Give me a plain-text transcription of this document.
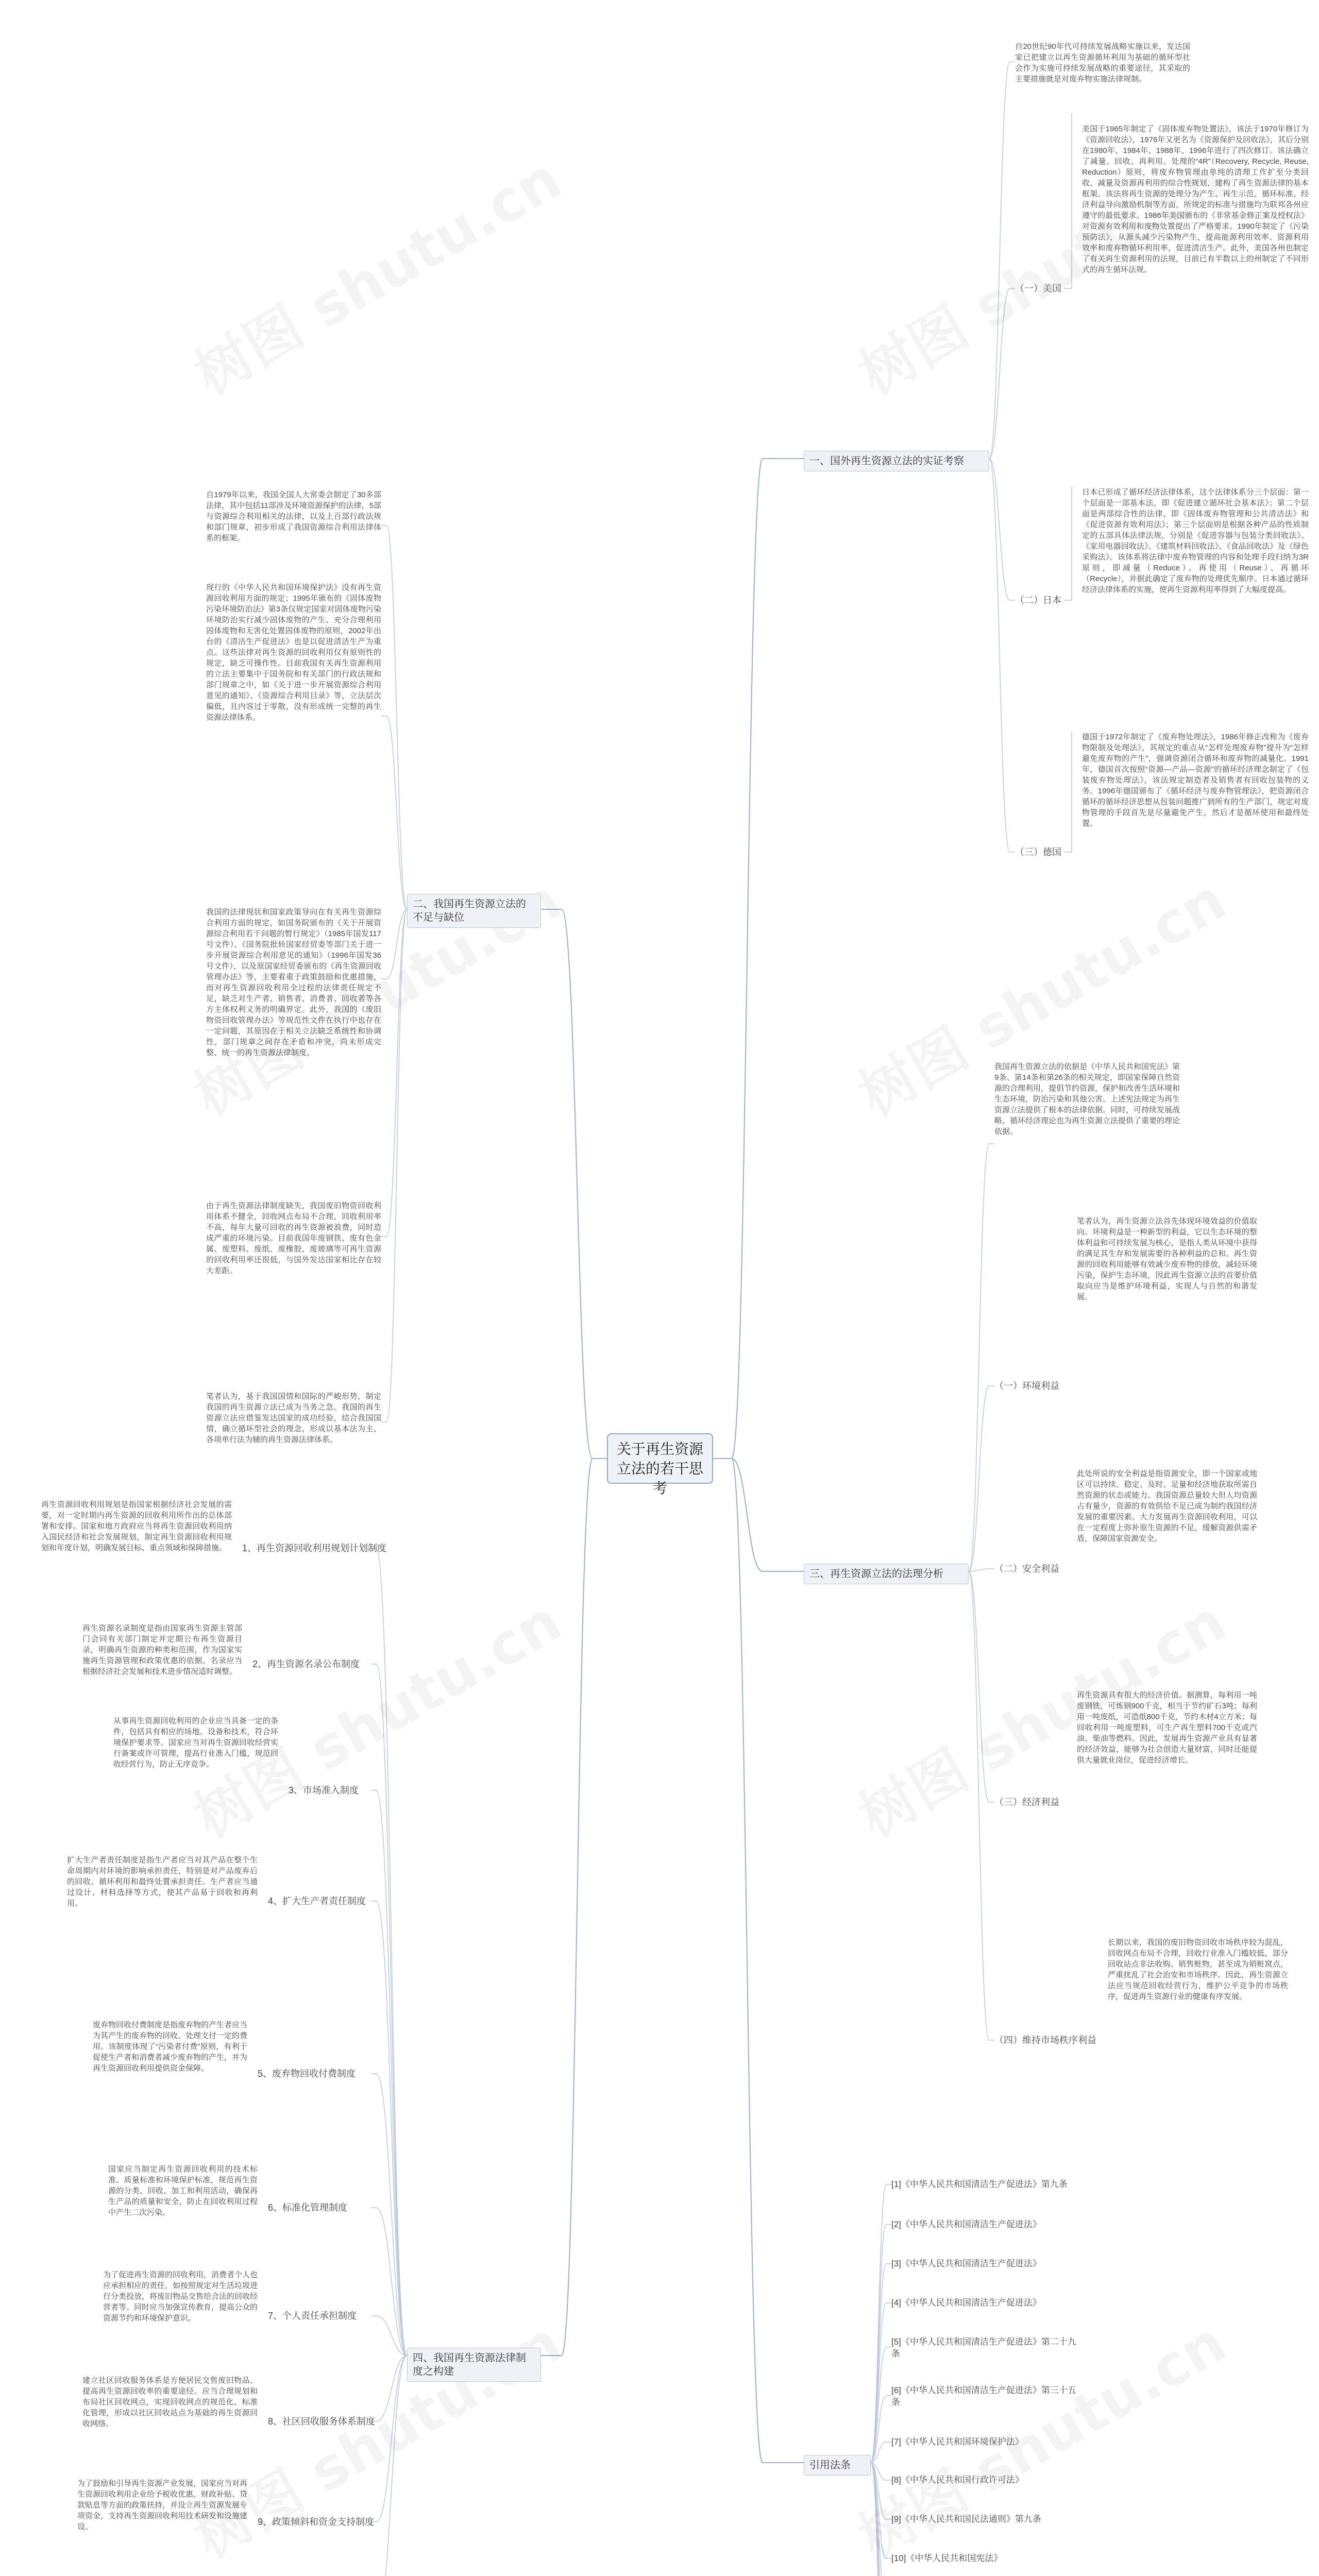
关于再生资源立法的若干思考
一、国外再生资源立法的实证考察
自20世纪90年代可持续发展战略实施以来，发达国家已把建立以再生资源循环利用为基础的循环型社会作为实施可持续发展战略的重要途径，其采取的主要措施就是对废弃物实施法律规制。
（一）美国
美国于1965年制定了《固体废弃物处置法》，该法于1970年修订为《资源回收法》，1976年又更名为《资源保护及回收法》，其后分别在1980年、1984年、1988年、1996年进行了四次修订。该法确立了减量、回收、再利用、处理的“4R”（Recovery, Recycle, Reuse, Reduction）原则，将废弃物管理由单纯的清理工作扩至分类回收、减量及资源再利用的综合性规划，建构了再生资源法律的基本框架。该法将再生资源的处理分为产生、再生示范、循环标准、经济利益导向激励机制等方面，所规定的标准与措施均为联邦各州应遵守的最低要求。1986年美国颁布的《非常基金修正案及授权法》对资源有效利用和废物处置提出了严格要求。1990年制定了《污染预防法》，从源头减少污染物产生，提高能源利用效率、资源利用效率和废弃物循环利用率，促进清洁生产。此外，美国各州也制定了有关再生资源利用的法规，目前已有半数以上的州制定了不同形式的再生循环法规。
（二）日本
日本已形成了循环经济法律体系，这个法律体系分三个层面：第一个层面是一部基本法，即《促进建立循环社会基本法》；第二个层面是两部综合性的法律，即《固体废弃物管理和公共清洁法》和《促进资源有效利用法》；第三个层面则是根据各种产品的性质制定的五部具体法律法规，分别是《促进容器与包装分类回收法》、《家用电器回收法》、《建筑材料回收法》、《食品回收法》及《绿色采购法》。该体系将法律中废弃物管理的内容和处理手段归纳为3R原则，即减量（Reduce）、再使用（Reuse）、再循环（Recycle），并据此确定了废弃物的处理优先顺序。日本通过循环经济法律体系的实施，使再生资源利用率得到了大幅度提高。
（三）德国
德国于1972年制定了《废弃物处理法》，1986年修正改称为《废弃物限制及处理法》，其规定的重点从“怎样处理废弃物”提升为“怎样避免废弃物的产生”，强调资源闭合循环和废弃物的减量化。1991年，德国首次按照“资源—产品—资源”的循环经济理念制定了《包装废弃物处理法》，该法规定制造者及销售者有回收包装物的义务。1996年德国颁布了《循环经济与废弃物管理法》，把资源闭合循环的循环经济思想从包装问题推广到所有的生产部门，规定对废物管理的手段首先是尽量避免产生，然后才是循环使用和最终处置。
二、我国再生资源立法的不足与缺位
自1979年以来，我国全国人大常委会制定了30多部法律，其中包括11部涉及环境资源保护的法律，5部与资源综合利用相关的法律，以及上百部行政法规和部门规章，初步形成了我国资源综合利用法律体系的框架。
现行的《中华人民共和国环境保护法》没有再生资源回收利用方面的规定；1995年颁布的《固体废物污染环境防治法》第3条仅规定国家对固体废物污染环境防治实行减少固体废物的产生、充分合理利用固体废物和无害化处置固体废物的原则，2002年出台的《清洁生产促进法》也是以促进清洁生产为重点。这些法律对再生资源的回收利用仅有原则性的规定，缺乏可操作性。目前我国有关再生资源利用的立法主要集中于国务院和有关部门的行政法规和部门规章之中，如《关于进一步开展资源综合利用意见的通知》、《资源综合利用目录》等，立法层次偏低，且内容过于零散，没有形成统一完整的再生资源法律体系。
我国的法律现状和国家政策导向在有关再生资源综合利用方面的规定，如国务院颁布的《关于开展资源综合利用若干问题的暂行规定》（1985年国发117号文件）、《国务院批转国家经贸委等部门关于进一步开展资源综合利用意见的通知》（1996年国发36号文件），以及原国家经贸委颁布的《再生资源回收管理办法》等，主要着重于政策鼓励和优惠措施，而对再生资源回收利用全过程的法律责任规定不足，缺乏对生产者、销售者、消费者、回收者等各方主体权利义务的明确界定。此外，我国的《废旧物资回收管理办法》等规范性文件在执行中也存在一定问题，其原因在于相关立法缺乏系统性和协调性，部门规章之间存在矛盾和冲突，尚未形成完整、统一的再生资源法律制度。
由于再生资源法律制度缺失，我国废旧物资回收利用体系不健全，回收网点布局不合理，回收利用率不高，每年大量可回收的再生资源被浪费，同时造成严重的环境污染。目前我国年废钢铁、废有色金属、废塑料、废纸、废橡胶、废玻璃等可再生资源的回收利用率还很低，与国外发达国家相比存在较大差距。
笔者认为，基于我国国情和国际的严峻形势，制定我国的再生资源立法已成为当务之急。我国的再生资源立法应借鉴发达国家的成功经验，结合我国国情，确立循环型社会的理念，形成以基本法为主、各项单行法为辅的再生资源法律体系。
三、再生资源立法的法理分析
我国再生资源立法的依据是《中华人民共和国宪法》第9条、第14条和第26条的相关规定，即国家保障自然资源的合理利用，提倡节约资源，保护和改善生活环境和生态环境，防治污染和其他公害。上述宪法规定为再生资源立法提供了根本的法律依据。同时，可持续发展战略、循环经济理论也为再生资源立法提供了重要的理论依据。
（一）环境利益
笔者认为，再生资源立法首先体现环境效益的价值取向。环境利益是一种新型的利益，它以生态环境的整体利益和可持续发展为核心，是指人类从环境中获得的满足其生存和发展需要的各种利益的总和。再生资源的回收利用能够有效减少废弃物的排放，减轻环境污染，保护生态环境，因此再生资源立法的首要价值取向应当是维护环境利益，实现人与自然的和谐发展。
（二）安全利益
此处所说的安全利益是指资源安全，即一个国家或地区可以持续、稳定、及时、足量和经济地获取所需自然资源的状态或能力。我国资源总量较大但人均资源占有量少，资源的有效供给不足已成为制约我国经济发展的重要因素。大力发展再生资源回收利用，可以在一定程度上弥补原生资源的不足，缓解资源供需矛盾，保障国家资源安全。
（三）经济利益
再生资源具有很大的经济价值。据测算，每利用一吨废钢铁，可炼钢900千克，相当于节约矿石3吨；每利用一吨废纸，可造纸800千克，节约木材4立方米；每回收利用一吨废塑料，可生产再生塑料700千克或汽油、柴油等燃料。因此，发展再生资源产业具有显著的经济效益，能够为社会创造大量财富，同时还能提供大量就业岗位，促进经济增长。
（四）维持市场秩序利益
长期以来，我国的废旧物资回收市场秩序较为混乱，回收网点布局不合理，回收行业准入门槛较低，部分回收站点非法收购、销售赃物，甚至成为销赃窝点，严重扰乱了社会治安和市场秩序。因此，再生资源立法应当规范回收经营行为，维护公平竞争的市场秩序，促进再生资源行业的健康有序发展。
四、我国再生资源法律制度之构建
1、再生资源回收利用规划计划制度
再生资源回收利用规划是指国家根据经济社会发展的需要，对一定时期内再生资源的回收利用所作出的总体部署和安排。国家和地方政府应当将再生资源回收利用纳入国民经济和社会发展规划，制定再生资源回收利用规划和年度计划，明确发展目标、重点领域和保障措施。
2、再生资源名录公布制度
再生资源名录制度是指由国家再生资源主管部门会同有关部门制定并定期公布再生资源目录，明确再生资源的种类和范围，作为国家实施再生资源管理和政策优惠的依据。名录应当根据经济社会发展和技术进步情况适时调整。
3、市场准入制度
从事再生资源回收利用的企业应当具备一定的条件，包括具有相应的场地、设备和技术，符合环境保护要求等。国家应当对再生资源回收经营实行备案或许可管理，提高行业准入门槛，规范回收经营行为，防止无序竞争。
4、扩大生产者责任制度
扩大生产者责任制度是指生产者应当对其产品在整个生命周期内对环境的影响承担责任，特别是对产品废弃后的回收、循环利用和最终处置承担责任。生产者应当通过设计、材料选择等方式，使其产品易于回收和再利用。
5、废弃物回收付费制度
废弃物回收付费制度是指废弃物的产生者应当为其产生的废弃物的回收、处理支付一定的费用。该制度体现了“污染者付费”原则，有利于促使生产者和消费者减少废弃物的产生，并为再生资源回收利用提供资金保障。
6、标准化管理制度
国家应当制定再生资源回收利用的技术标准、质量标准和环境保护标准，规范再生资源的分类、回收、加工和利用活动，确保再生产品的质量和安全，防止在回收利用过程中产生二次污染。
7、个人责任承担制度
为了促进再生资源的回收利用，消费者个人也应承担相应的责任，如按照规定对生活垃圾进行分类投放，将废旧物品交售给合法的回收经营者等。同时应当加强宣传教育，提高公众的资源节约和环境保护意识。
8、社区回收服务体系制度
建立社区回收服务体系是方便居民交售废旧物品、提高再生资源回收率的重要途径。应当合理规划和布局社区回收网点，实现回收网点的规范化、标准化管理，形成以社区回收站点为基础的再生资源回收网络。
9、政策倾斜和资金支持制度
为了鼓励和引导再生资源产业发展，国家应当对再生资源回收利用企业给予税收优惠、财政补贴、贷款贴息等方面的政策扶持，并设立再生资源发展专项资金，支持再生资源回收利用技术研发和设施建设。
引用法条
[1]《中华人民共和国清洁生产促进法》第九条
[2]《中华人民共和国清洁生产促进法》
[3]《中华人民共和国清洁生产促进法》
[4]《中华人民共和国清洁生产促进法》
[5]《中华人民共和国清洁生产促进法》第二十九条
[6]《中华人民共和国清洁生产促进法》第三十五条
[7]《中华人民共和国环境保护法》
[8]《中华人民共和国行政许可法》
[9]《中华人民共和国民法通则》第九条
[10]《中华人民共和国宪法》
